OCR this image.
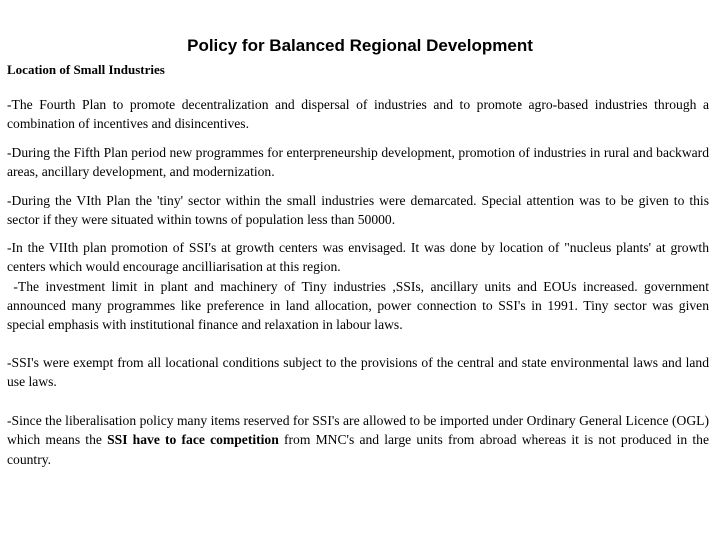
Policy for Balanced Regional Development
Location of Small Industries

-The Fourth Plan to promote decentralization and dispersal of industries and to promote agro-based industries through a combination of incentives and disincentives.

-During the Fifth Plan period new programmes for enterpreneurship development, promotion of industries in rural and backward areas, ancillary development, and modernization.

-During the VIth Plan the 'tiny' sector within the small industries were demarcated. Special attention was to be given to this sector if they were situated within towns of population less than 50000.

-In the VIIth plan promotion of SSI's at growth centers was envisaged. It was done by location of "nucleus plants' at growth centers which would encourage ancilliarisation at this region.
-The investment limit in plant and machinery of Tiny industries ,SSIs, ancillary units and EOUs increased. government announced many programmes like preference in land allocation, power connection to SSI's in 1991. Tiny sector was given special emphasis with institutional finance and relaxation in labour laws.

-SSI's were exempt from all locational conditions subject to the provisions of the central and state environmental laws and land use laws.

-Since the liberalisation policy many items reserved for SSI's are allowed to be imported under Ordinary General Licence (OGL) which means the SSI have to face competition from MNC's and large units from abroad whereas it is not produced in the country.
